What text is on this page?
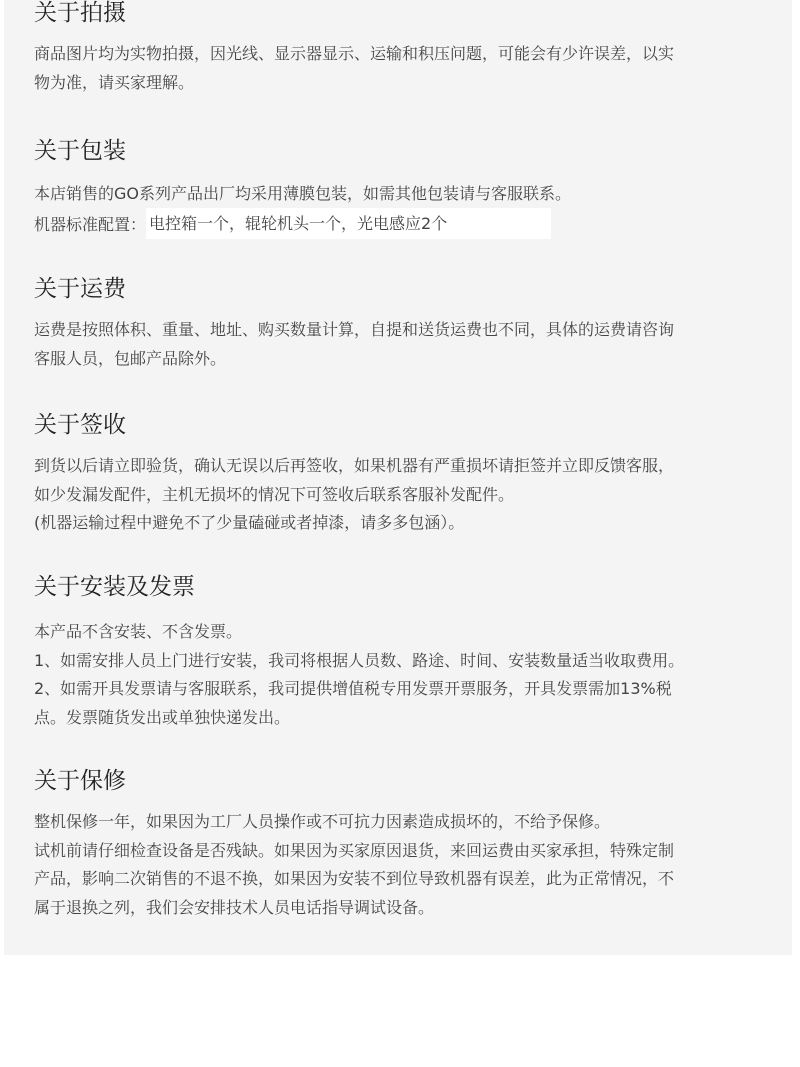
关于拍摄

商品图片均为实物拍摄，因光线、显示器显示、运输和积压问题，可能会有少许误差，以实

物为准，请买家理解。

关于包装

本店销售的GO系列产品出厂均采用薄膜包装，如需其他包装请与客服联系。

机器标准配置： 电控箱一个，辊轮机头一个，光电感应2个
关于运费

运费是按照体积、重量、地址、购买数量计算，自提和送货运费也不同，具体的运费请咨询

客服人员，包邮产品除外。

关于签收

到货以后请立即验货，确认无误以后再签收，如果机器有严重损坏请拒签并立即反馈客服，

如少发漏发配件，主机无损坏的情况下可签收后联系客服补发配件。

(机器运输过程中避免不了少量磕碰或者掉漆，请多多包涵）。

关于安装及发票

本产品不含安装、不含发票。

1、如需安排人员上门进行安装，我司将根据人员数、路途、时间、安装数量适当收取费用。

2、如需开具发票请与客服联系，我司提供增值税专用发票开票服务，开具发票需加13%税

点。发票随货发出或单独快递发出。

关于保修

整机保修一年，如果因为工厂人员操作或不可抗力因素造成损坏的，不给予保修。

试机前请仔细检查设备是否残缺。如果因为买家原因退货，来回运费由买家承担，特殊定制

产品，影响二次销售的不退不换，如果因为安装不到位导致机器有误差，此为正常情况，不

属于退换之列，我们会安排技术人员电话指导调试设备。
